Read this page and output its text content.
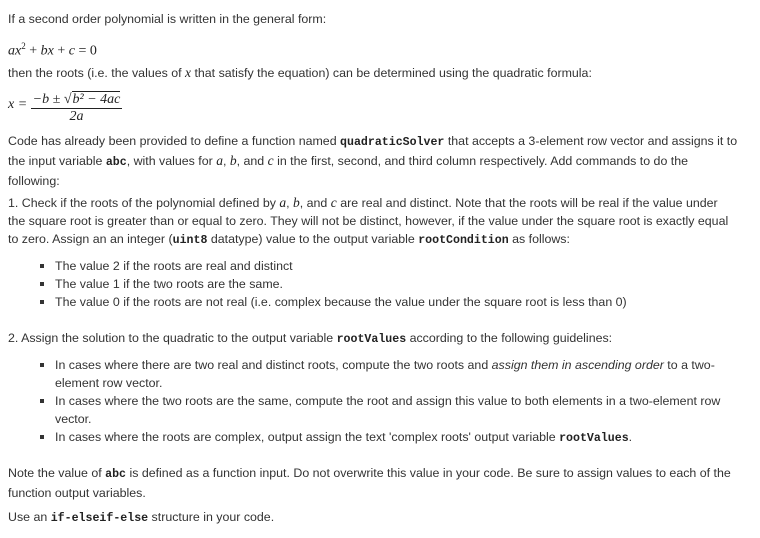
If a second order polynomial is written in the general form:
$ax^2$ + bx + c = 0
then the roots (i.e. the values of x that satisfy the equation) can be determined using the quadratic formula:
$x = \frac{\text{−b ± √b² − 4ac}}{2a}$
Code has already been provided to define a function named quadraticSolver that accepts a 3-element row vector and assigns it to the input variable abc, with values for a, b, and c in the first, second, and third column respectively. Add commands to do the following:
1. Check if the roots of the polynomial defined by a, b, and c are real and distinct. Note that the roots will be real if the value under the square root is greater than or equal to zero. They will not be distinct, however, if the value under the square root is exactly equal to zero. Assign an an integer (uint8 datatype) value to the output variable rootCondition as follows:
The value 2 if the roots are real and distinct
The value 1 if the two roots are the same.
The value 0 if the roots are not real (i.e. complex because the value under the square root is less than 0)
2. Assign the solution to the quadratic to the output variable rootValues according to the following guidelines:
In cases where there are two real and distinct roots, compute the two roots and assign them in ascending order to a two-element row vector.
In cases where the two roots are the same, compute the root and assign this value to both elements in a two-element row vector.
In cases where the roots are complex, output assign the text 'complex roots' output variable rootValues.
Note the value of abc is defined as a function input. Do not overwrite this value in your code. Be sure to assign values to each of the function output variables.
Use an if-elseif-else structure in your code.
